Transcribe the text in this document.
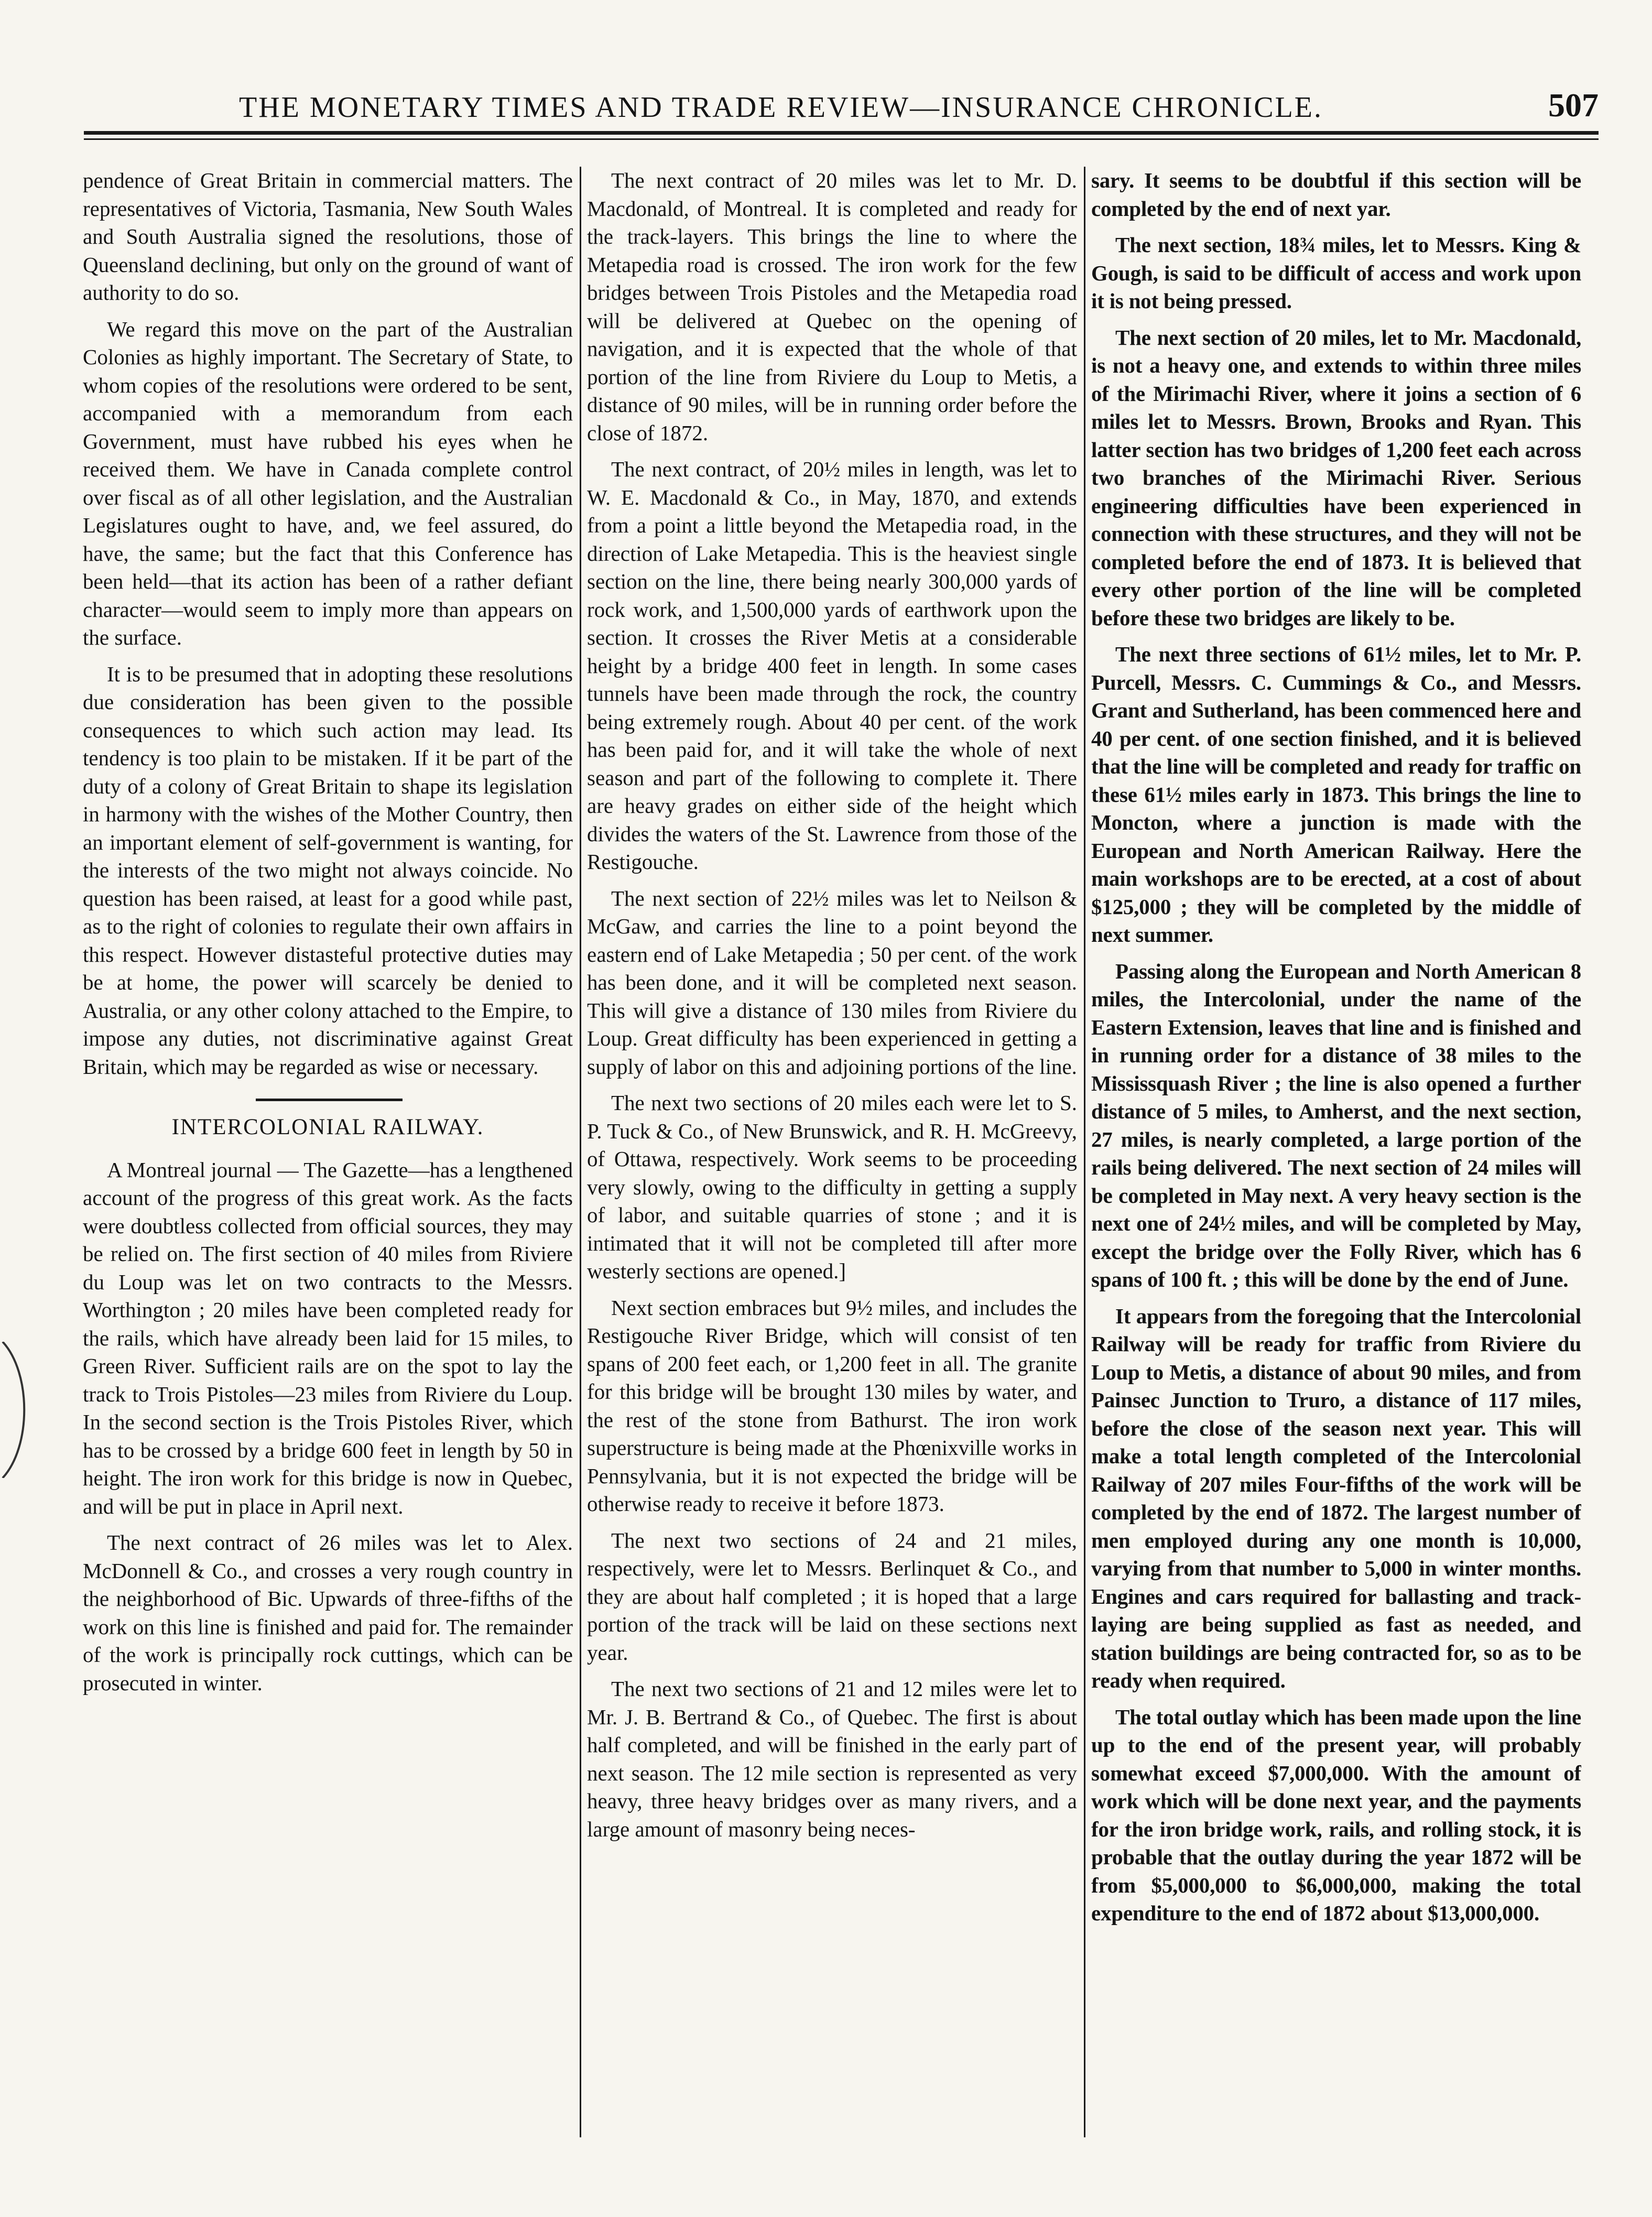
THE MONETARY TIMES AND TRADE REVIEW—INSURANCE CHRONICLE.	507

pendence of Great Britain in commercial matters. The representatives of Victoria, Tasmania, New South Wales and South Australia signed the resolutions, those of Queensland declining, but only on the ground of want of authority to do so.

We regard this move on the part of the Australian Colonies as highly important. The Secretary of State, to whom copies of the resolutions were ordered to be sent, accompanied with a memorandum from each Government, must have rubbed his eyes when he received them. We have in Canada complete control over fiscal as of all other legislation, and the Australian Legislatures ought to have, and, we feel assured, do have, the same; but the fact that this Conference has been held—that its action has been of a rather defiant character—would seem to imply more than appears on the surface.

It is to be presumed that in adopting these resolutions due consideration has been given to the possible consequences to which such action may lead. Its tendency is too plain to be mistaken. If it be part of the duty of a colony of Great Britain to shape its legislation in harmony with the wishes of the Mother Country, then an important element of self-government is wanting, for the interests of the two might not always coincide. No question has been raised, at least for a good while past, as to the right of colonies to regulate their own affairs in this respect. However distasteful protective duties may be at home, the power will scarcely be denied to Australia, or any other colony attached to the Empire, to impose any duties, not discriminative against Great Britain, which may be regarded as wise or necessary.

INTERCOLONIAL RAILWAY.

A Montreal journal — The Gazette—has a lengthened account of the progress of this great work. As the facts were doubtless collected from official sources, they may be relied on. The first section of 40 miles from Riviere du Loup was let on two contracts to the Messrs. Worthington ; 20 miles have been completed ready for the rails, which have already been laid for 15 miles, to Green River. Sufficient rails are on the spot to lay the track to Trois Pistoles—23 miles from Riviere du Loup. In the second section is the Trois Pistoles River, which has to be crossed by a bridge 600 feet in length by 50 in height. The iron work for this bridge is now in Quebec, and will be put in place in April next.

The next contract of 26 miles was let to Alex. McDonnell & Co., and crosses a very rough country in the neighborhood of Bic. Upwards of three-fifths of the work on this line is finished and paid for. The remainder of the work is principally rock cuttings, which can be prosecuted in winter.

The next contract of 20 miles was let to Mr. D. Macdonald, of Montreal. It is completed and ready for the track-layers. This brings the line to where the Metapedia road is crossed. The iron work for the few bridges between Trois Pistoles and the Metapedia road will be delivered at Quebec on the opening of navigation, and it is expected that the whole of that portion of the line from Riviere du Loup to Metis, a distance of 90 miles, will be in running order before the close of 1872.

The next contract, of 20½ miles in length, was let to W. E. Macdonald & Co., in May, 1870, and extends from a point a little beyond the Metapedia road, in the direction of Lake Metapedia. This is the heaviest single section on the line, there being nearly 300,000 yards of rock work, and 1,500,000 yards of earthwork upon the section. It crosses the River Metis at a considerable height by a bridge 400 feet in length. In some cases tunnels have been made through the rock, the country being extremely rough. About 40 per cent. of the work has been paid for, and it will take the whole of next season and part of the following to complete it. There are heavy grades on either side of the height which divides the waters of the St. Lawrence from those of the Restigouche.

The next section of 22½ miles was let to Neilson & McGaw, and carries the line to a point beyond the eastern end of Lake Metapedia ; 50 per cent. of the work has been done, and it will be completed next season. This will give a distance of 130 miles from Riviere du Loup. Great difficulty has been experienced in getting a supply of labor on this and adjoining portions of the line.

The next two sections of 20 miles each were let to S. P. Tuck & Co., of New Brunswick, and R. H. McGreevy, of Ottawa, respectively. Work seems to be proceeding very slowly, owing to the difficulty in getting a supply of labor, and suitable quarries of stone ; and it is intimated that it will not be completed till after more westerly sections are opened.]

Next section embraces but 9½ miles, and includes the Restigouche River Bridge, which will consist of ten spans of 200 feet each, or 1,200 feet in all. The granite for this bridge will be brought 130 miles by water, and the rest of the stone from Bathurst. The iron work superstructure is being made at the Phœnixville works in Pennsylvania, but it is not expected the bridge will be otherwise ready to receive it before 1873.

The next two sections of 24 and 21 miles, respectively, were let to Messrs. Berlinquet & Co., and they are about half completed ; it is hoped that a large portion of the track will be laid on these sections next year.

The next two sections of 21 and 12 miles were let to Mr. J. B. Bertrand & Co., of Quebec. The first is about half completed, and will be finished in the early part of next season. The 12 mile section is represented as very heavy, three heavy bridges over as many rivers, and a large amount of masonry being neces-

sary. It seems to be doubtful if this section will be completed by the end of next yar.

The next section, 18¾ miles, let to Messrs. King & Gough, is said to be difficult of access and work upon it is not being pressed.

The next section of 20 miles, let to Mr. Macdonald, is not a heavy one, and extends to within three miles of the Mirimachi River, where it joins a section of 6 miles let to Messrs. Brown, Brooks and Ryan. This latter section has two bridges of 1,200 feet each across two branches of the Mirimachi River. Serious engineering difficulties have been experienced in connection with these structures, and they will not be completed before the end of 1873. It is believed that every other portion of the line will be completed before these two bridges are likely to be.

The next three sections of 61½ miles, let to Mr. P. Purcell, Messrs. C. Cummings & Co., and Messrs. Grant and Sutherland, has been commenced here and 40 per cent. of one section finished, and it is believed that the line will be completed and ready for traffic on these 61½ miles early in 1873. This brings the line to Moncton, where a junction is made with the European and North American Railway. Here the main workshops are to be erected, at a cost of about $125,000 ; they will be completed by the middle of next summer.

Passing along the European and North American 8 miles, the Intercolonial, under the name of the Eastern Extension, leaves that line and is finished and in running order for a distance of 38 miles to the Mississquash River ; the line is also opened a further distance of 5 miles, to Amherst, and the next section, 27 miles, is nearly completed, a large portion of the rails being delivered. The next section of 24 miles will be completed in May next. A very heavy section is the next one of 24½ miles, and will be completed by May, except the bridge over the Folly River, which has 6 spans of 100 ft. ; this will be done by the end of June.

It appears from the foregoing that the Intercolonial Railway will be ready for traffic from Riviere du Loup to Metis, a distance of about 90 miles, and from Painsec Junction to Truro, a distance of 117 miles, before the close of the season next year. This will make a total length completed of the Intercolonial Railway of 207 miles Four-fifths of the work will be completed by the end of 1872. The largest number of men employed during any one month is 10,000, varying from that number to 5,000 in winter months. Engines and cars required for ballasting and track-laying are being supplied as fast as needed, and station buildings are being contracted for, so as to be ready when required.

The total outlay which has been made upon the line up to the end of the present year, will probably somewhat exceed $7,000,000. With the amount of work which will be done next year, and the payments for the iron bridge work, rails, and rolling stock, it is probable that the outlay during the year 1872 will be from $5,000,000 to $6,000,000, making the total expenditure to the end of 1872 about $13,000,000.
